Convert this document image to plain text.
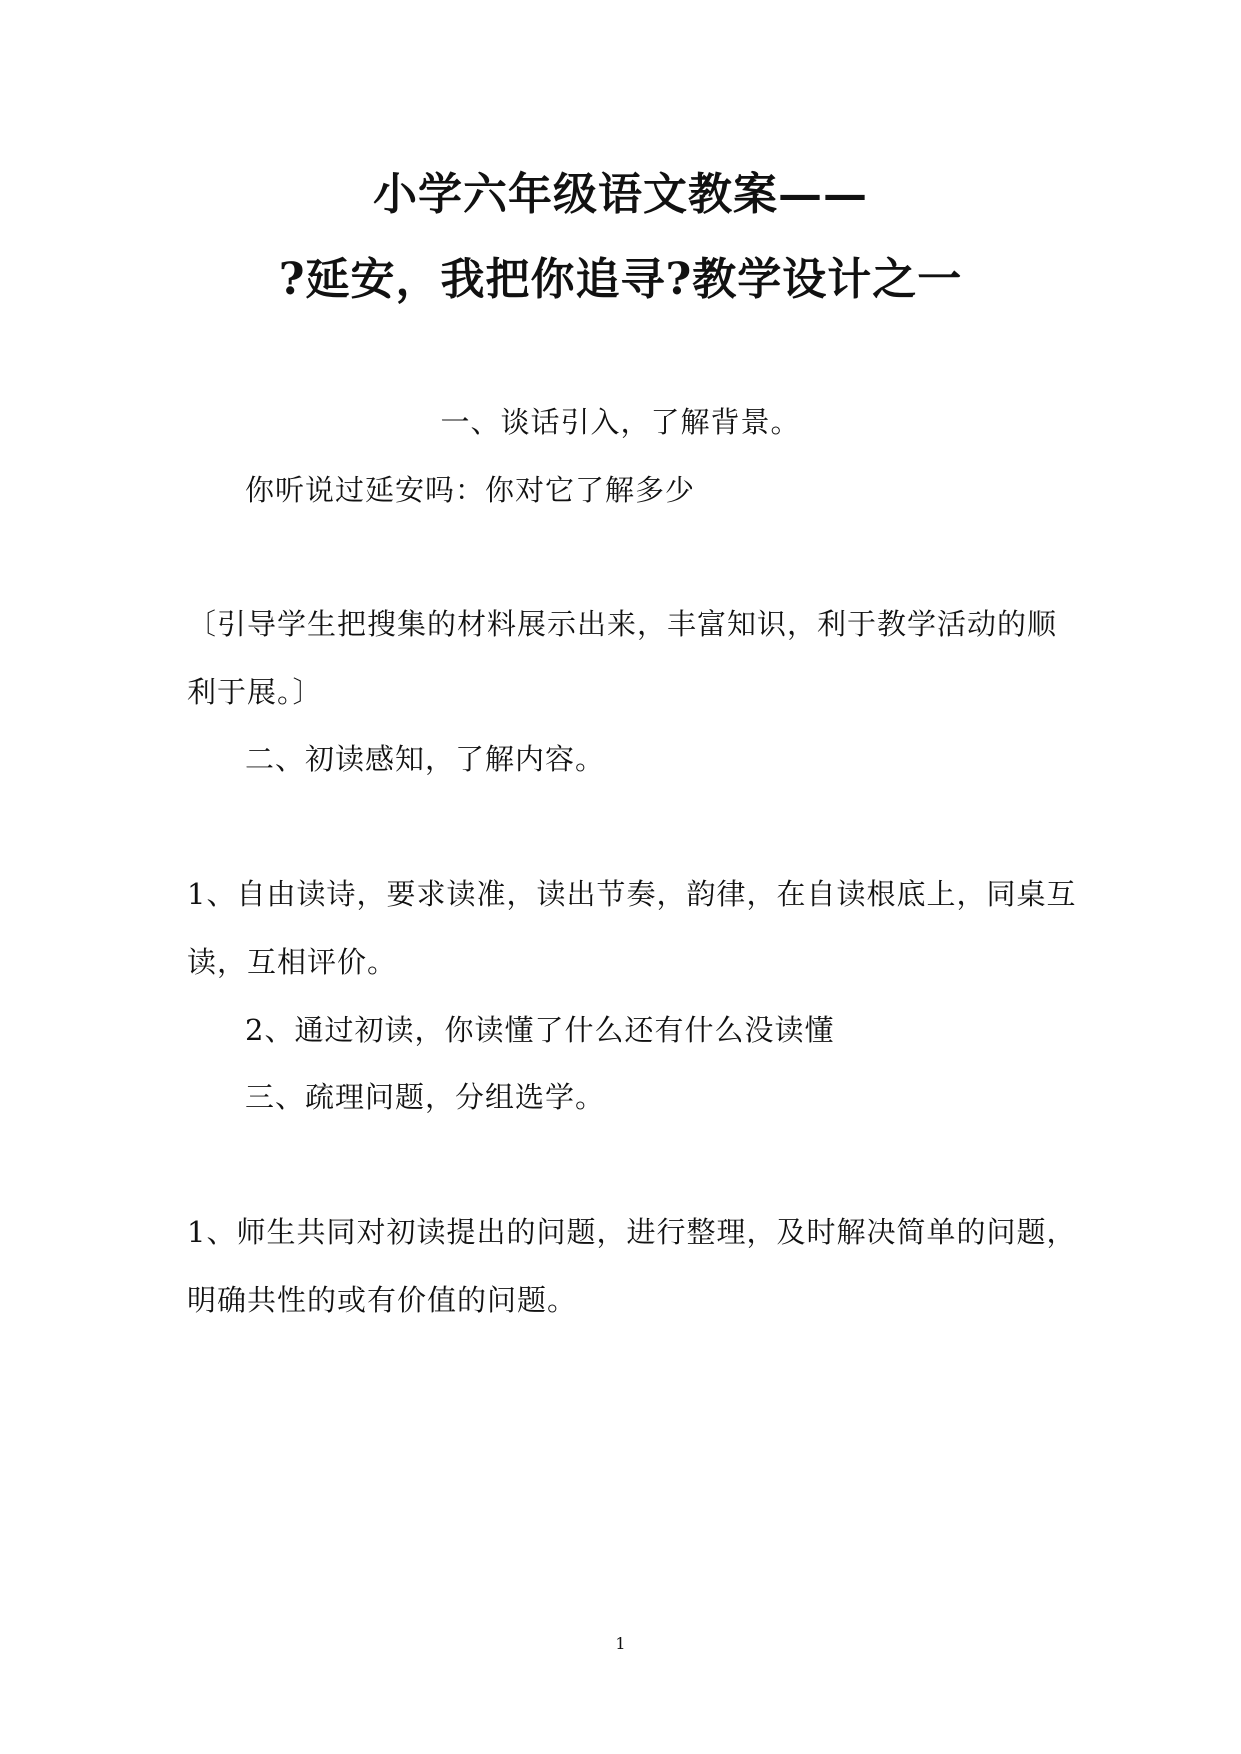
小学六年级语文教案——
?延安，我把你追寻?教学设计之一
一、谈话引入，了解背景。
你听说过延安吗：你对它了解多少
〔引导学生把搜集的材料展示出来，丰富知识，利于教学活动的顺
利于展。〕
二、初读感知，了解内容。
1、自由读诗，要求读准，读出节奏，韵律，在自读根底上，同桌互
读，互相评价。
2、通过初读，你读懂了什么还有什么没读懂
三、疏理问题，分组选学。
1、师生共同对初读提出的问题，进行整理，及时解决简单的问题，
明确共性的或有价值的问题。
1
